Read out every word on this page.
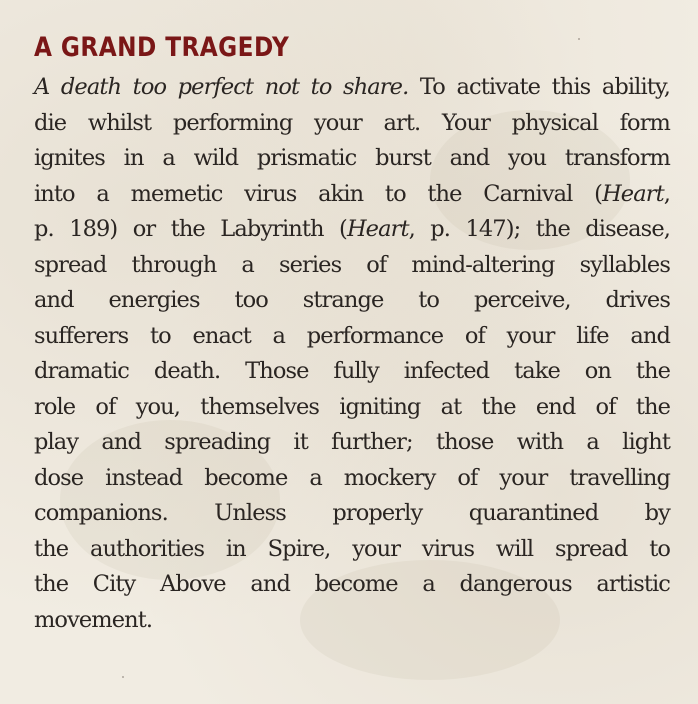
A GRAND TRAGEDY
A death too perfect not to share. To activate this ability,
die whilst performing your art. Your physical form
ignites in a wild prismatic burst and you transform
into a memetic virus akin to the Carnival (Heart,
p. 189) or the Labyrinth (Heart, p. 147); the disease,
spread through a series of mind-altering syllables
and energies too strange to perceive, drives
sufferers to enact a performance of your life and
dramatic death. Those fully infected take on the
role of you, themselves igniting at the end of the
play and spreading it further; those with a light
dose instead become a mockery of your travelling
companions. Unless properly quarantined by
the authorities in Spire, your virus will spread to
the City Above and become a dangerous artistic
movement.
